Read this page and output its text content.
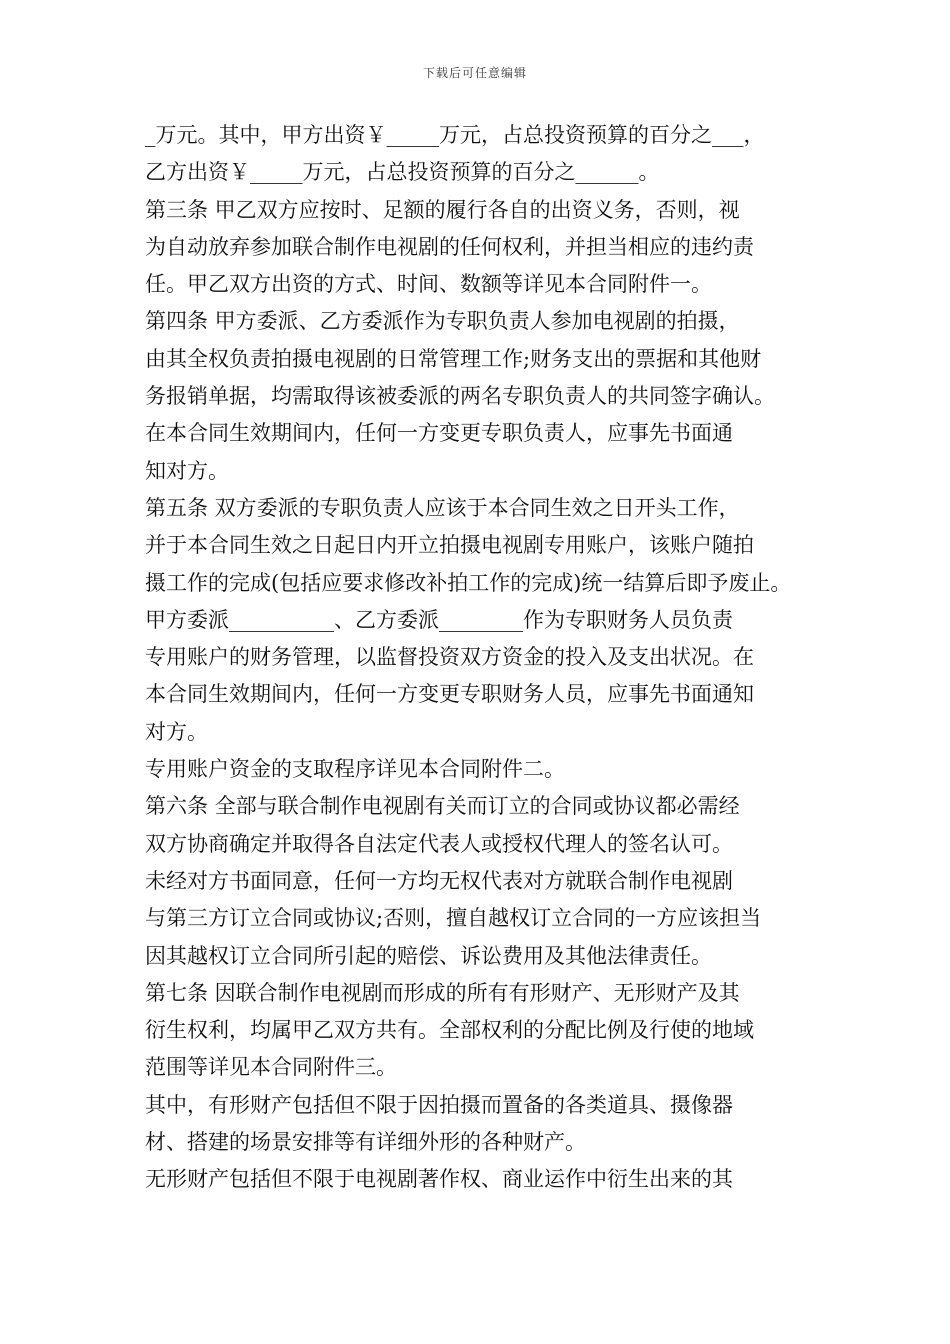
下载后可任意编辑
_万元。其中，甲方出资￥_____万元，占总投资预算的百分之___，
乙方出资￥_____万元，占总投资预算的百分之______。
第三条 甲乙双方应按时、足额的履行各自的出资义务，否则，视
为自动放弃参加联合制作电视剧的任何权利，并担当相应的违约责
任。甲乙双方出资的方式、时间、数额等详见本合同附件一。
第四条 甲方委派、乙方委派作为专职负责人参加电视剧的拍摄，
由其全权负责拍摄电视剧的日常管理工作;财务支出的票据和其他财
务报销单据，均需取得该被委派的两名专职负责人的共同签字确认。
在本合同生效期间内，任何一方变更专职负责人，应事先书面通
知对方。
第五条 双方委派的专职负责人应该于本合同生效之日开头工作，
并于本合同生效之日起日内开立拍摄电视剧专用账户，该账户随拍
摄工作的完成(包括应要求修改补拍工作的完成)统一结算后即予废止。
甲方委派__________、乙方委派________作为专职财务人员负责
专用账户的财务管理，以监督投资双方资金的投入及支出状况。在
本合同生效期间内，任何一方变更专职财务人员，应事先书面通知
对方。
专用账户资金的支取程序详见本合同附件二。
第六条 全部与联合制作电视剧有关而订立的合同或协议都必需经
双方协商确定并取得各自法定代表人或授权代理人的签名认可。
未经对方书面同意，任何一方均无权代表对方就联合制作电视剧
与第三方订立合同或协议;否则，擅自越权订立合同的一方应该担当
因其越权订立合同所引起的赔偿、诉讼费用及其他法律责任。
第七条 因联合制作电视剧而形成的所有有形财产、无形财产及其
衍生权利，均属甲乙双方共有。全部权利的分配比例及行使的地域
范围等详见本合同附件三。
其中，有形财产包括但不限于因拍摄而置备的各类道具、摄像器
材、搭建的场景安排等有详细外形的各种财产。
无形财产包括但不限于电视剧著作权、商业运作中衍生出来的其
